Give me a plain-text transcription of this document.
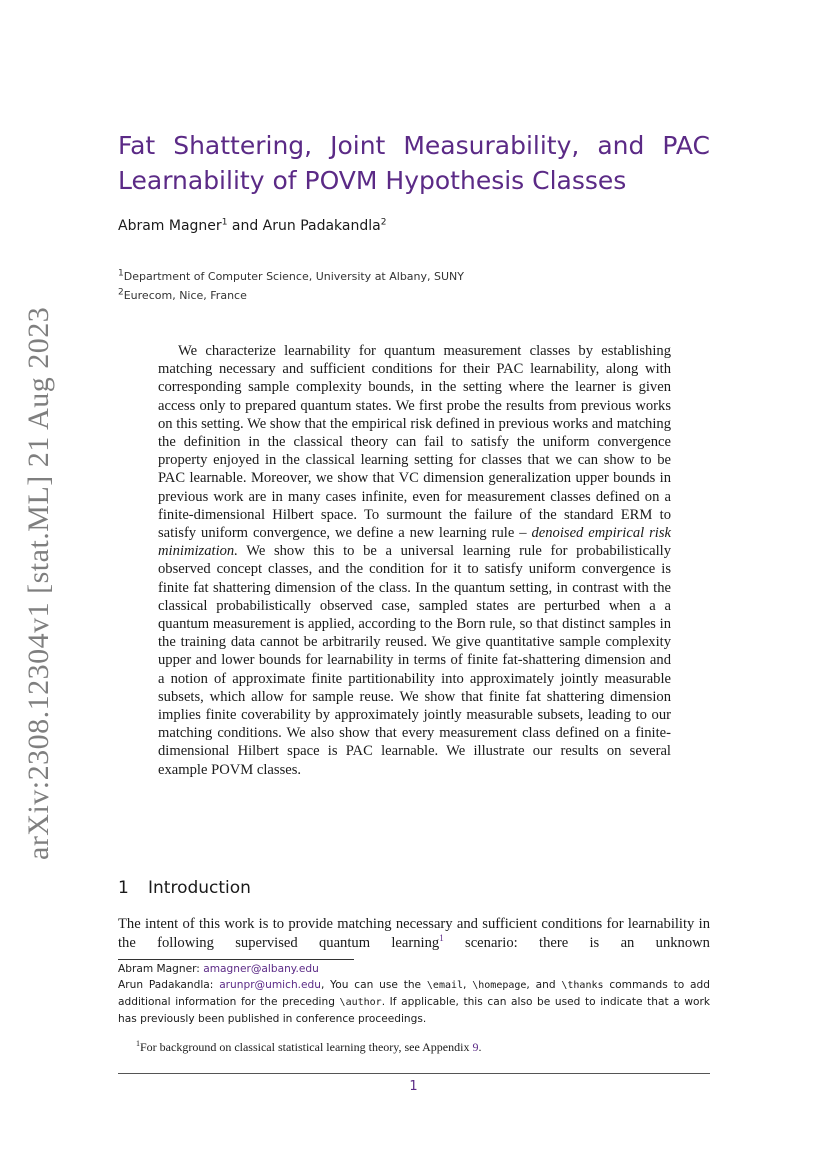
arXiv:2308.12304v1 [stat.ML] 21 Aug 2023
Fat Shattering, Joint Measurability, and PAC
Learnability of POVM Hypothesis Classes
Abram Magner$^1$ and Arun Padakandla$^2$
$^1$Department of Computer Science, University at Albany, SUNY
$^2$Eurecom, Nice, France

We characterize learnability for quantum measurement classes by establishing matching necessary and sufficient conditions for their PAC learnability, along with corresponding sample complexity bounds, in the setting where the learner is given access only to prepared quantum states. We first probe the results from previous works on this setting. We show that the empirical risk defined in previous works and matching the definition in the classical theory can fail to satisfy the uniform convergence property enjoyed in the classical learning setting for classes that we can show to be PAC learnable. Moreover, we show that VC dimension generalization upper bounds in previous work are in many cases infinite, even for measurement classes defined on a finite-dimensional Hilbert space. To surmount the failure of the standard ERM to satisfy uniform convergence, we define a new learning rule – denoised empirical risk minimization. We show this to be a universal learning rule for probabilistically observed concept classes, and the condition for it to satisfy uniform convergence is finite fat shattering dimension of the class. In the quantum setting, in contrast with the classical probabilistically observed case, sampled states are perturbed when a a quantum measurement is applied, according to the Born rule, so that distinct samples in the training data cannot be arbitrarily reused. We give quantitative sample complexity upper and lower bounds for learnability in terms of finite fat-shattering dimension and a notion of approximate finite partitionability into approximately jointly measurable subsets, which allow for sample reuse. We show that finite fat shattering dimension implies finite coverability by approximately jointly measurable subsets, leading to our matching conditions. We also show that every measurement class defined on a finite-dimensional Hilbert space is PAC learnable. We illustrate our results on several example POVM classes.

1 Introduction

The intent of this work is to provide matching necessary and sufficient conditions for learnability in the following supervised quantum learning$^1$ scenario: there is an unknown

Abram Magner: amagner@albany.edu
Arun Padakandla: arunpr@umich.edu, You can use the \email, \homepage, and \thanks commands to add additional information for the preceding \author. If applicable, this can also be used to indicate that a work has previously been published in conference proceedings.
$^1$For background on classical statistical learning theory, see Appendix 9.
1
